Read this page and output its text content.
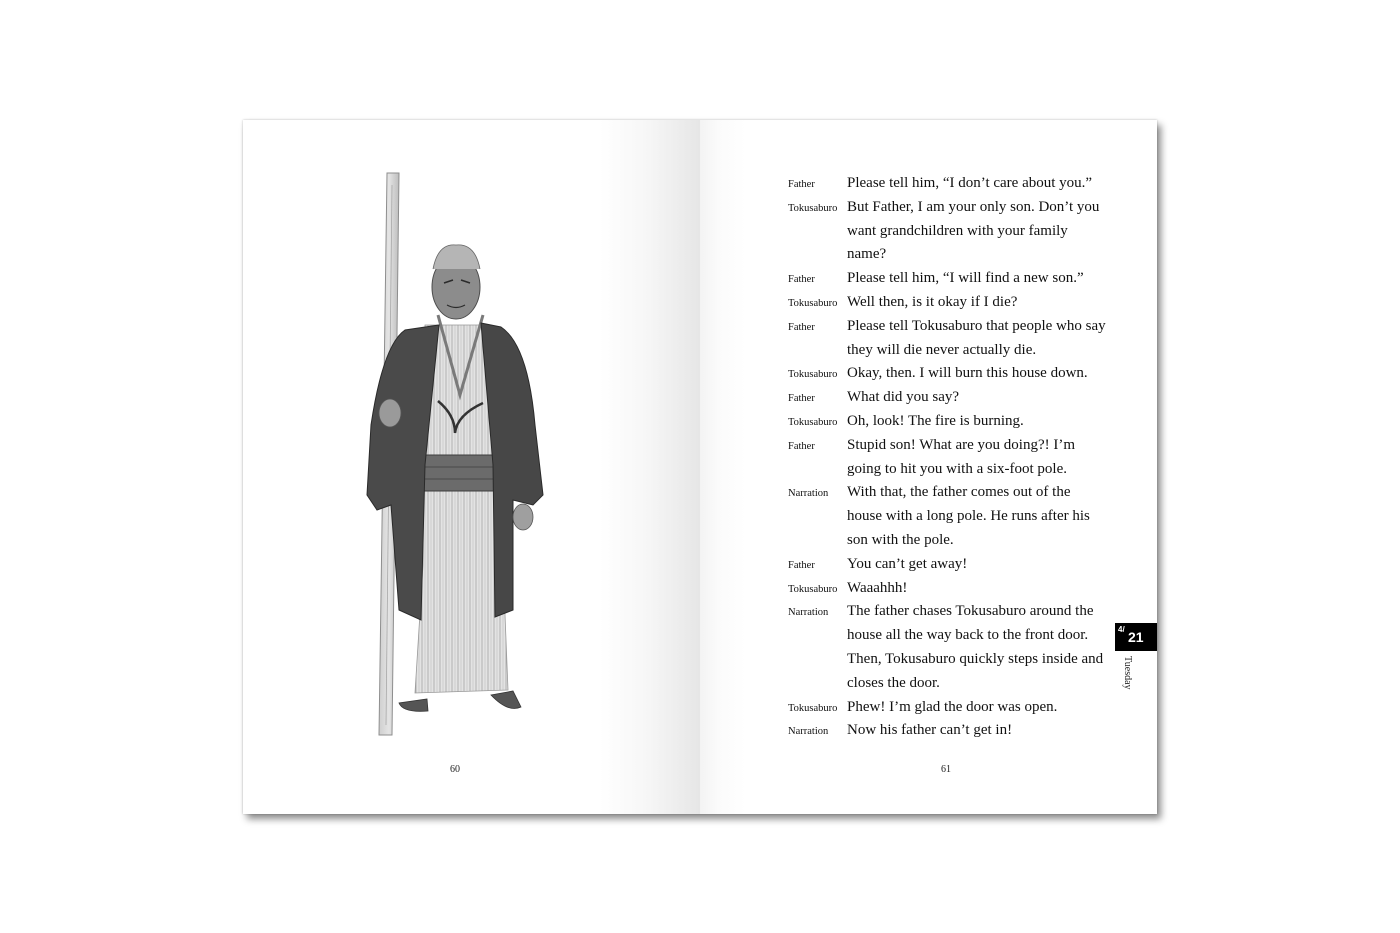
60
Father	Please tell him, “I don’t care about you.”
Tokusaburo But Father, I am your only son. Don’t you want grandchildren with your family name?
Father	Please tell him, “I will find a new son.”
Tokusaburo Well then, is it okay if I die?
Father	Please tell Tokusaburo that people who say they will die never actually die.
Tokusaburo Okay, then. I will burn this house down.
Father	What did you say?
Tokusaburo Oh, look! The fire is burning.
Father	Stupid son! What are you doing?! I’m going to hit you with a six-foot pole.
Narration	With that, the father comes out of the house with a long pole. He runs after his son with the pole.
Father	You can’t get away!
Tokusaburo Waaahhh!
Narration	The father chases Tokusaburo around the house all the way back to the front door. Then, Tokusaburo quickly steps inside and closes the door.
Tokusaburo Phew! I’m glad the door was open.
Narration	Now his father can’t get in!
61
4/ 21
Tuesday
